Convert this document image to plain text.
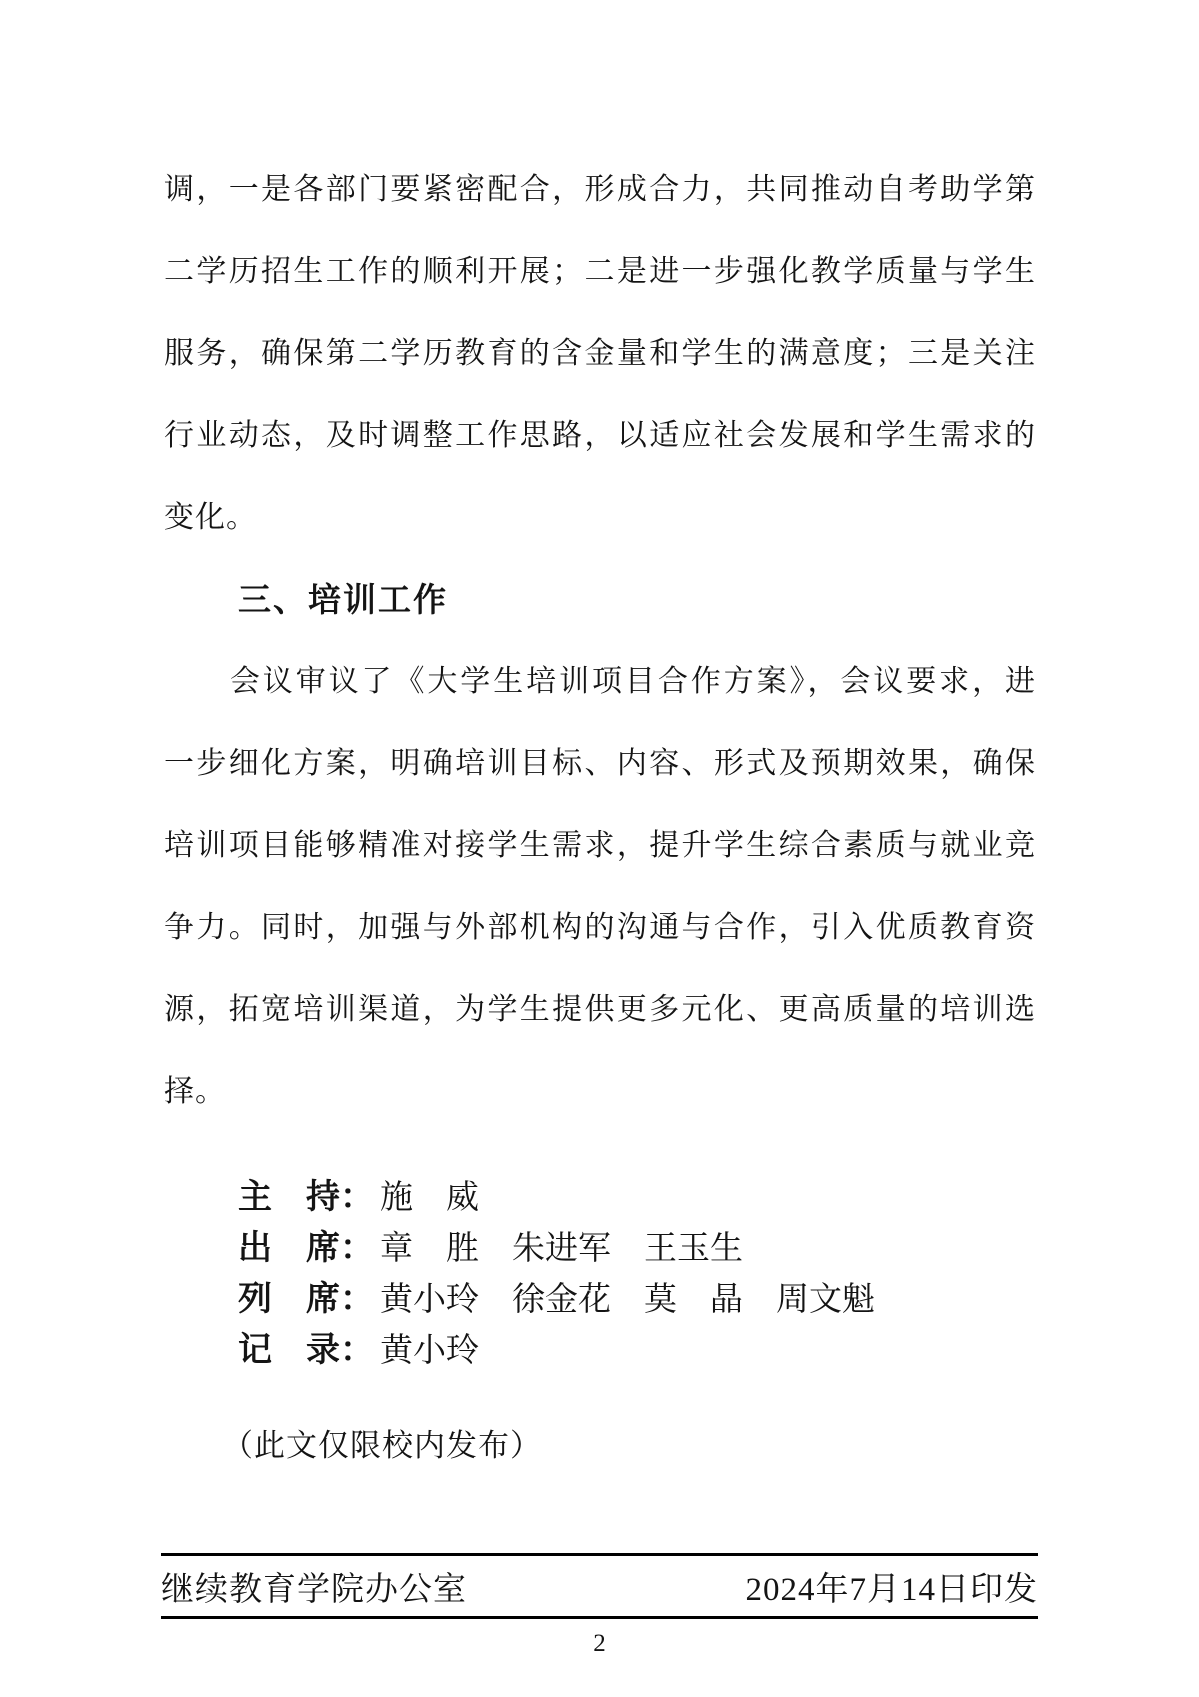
调，一是各部门要紧密配合，形成合力，共同推动自考助学第
二学历招生工作的顺利开展；二是进一步强化教学质量与学生
服务，确保第二学历教育的含金量和学生的满意度；三是关注
行业动态，及时调整工作思路，以适应社会发展和学生需求的
变化。
三、培训工作
　　会议审议了《大学生培训项目合作方案》，会议要求，进
一步细化方案，明确培训目标、内容、形式及预期效果，确保
培训项目能够精准对接学生需求，提升学生综合素质与就业竞
争力。同时，加强与外部机构的沟通与合作，引入优质教育资
源，拓宽培训渠道，为学生提供更多元化、更高质量的培训选
择。
主　持： 施　威
出　席： 章　胜　朱进军　王玉生
列　席： 黄小玲　徐金花　莫　晶　周文魁
记　录： 黄小玲
（此文仅限校内发布）
继续教育学院办公室	2024年7月14日印发
2
